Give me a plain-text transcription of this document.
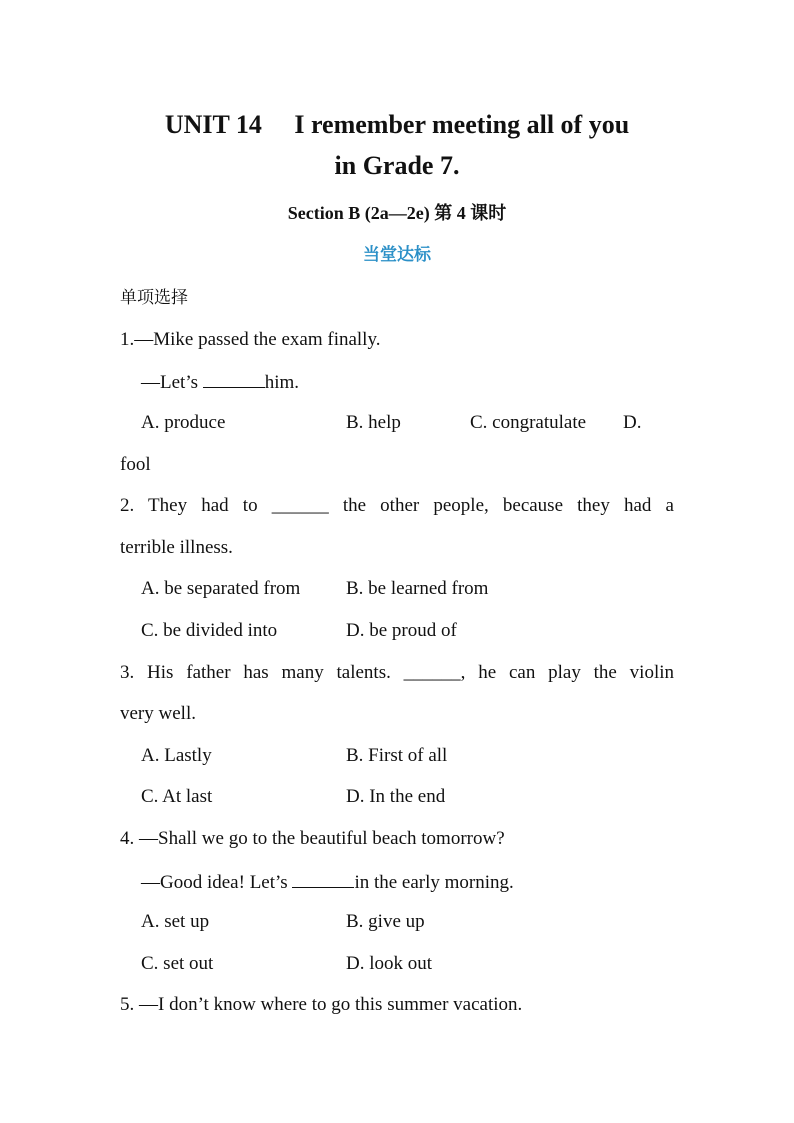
UNIT 14  I remember meeting all of you
in Grade 7.
Section B (2a—2e) 第 4 课时
当堂达标
单项选择
1.—Mike passed the exam finally.
—Let’s	him.
A. produce	B. help	C. congratulate D.
fool
2. They had to ______ the other people, because they had a
terrible illness.
A. be separated from B. be learned from
C. be divided into	D. be proud of
3. His father has many talents. ______, he can play the violin
very well.
A. Lastly	B. First of all
C. At last	D. In the end
4. —Shall we go to the beautiful beach tomorrow?
—Good idea! Let’s	in the early morning.
A. set up	B. give up
C. set out	D. look out
5. —I don’t know where to go this summer vacation.
